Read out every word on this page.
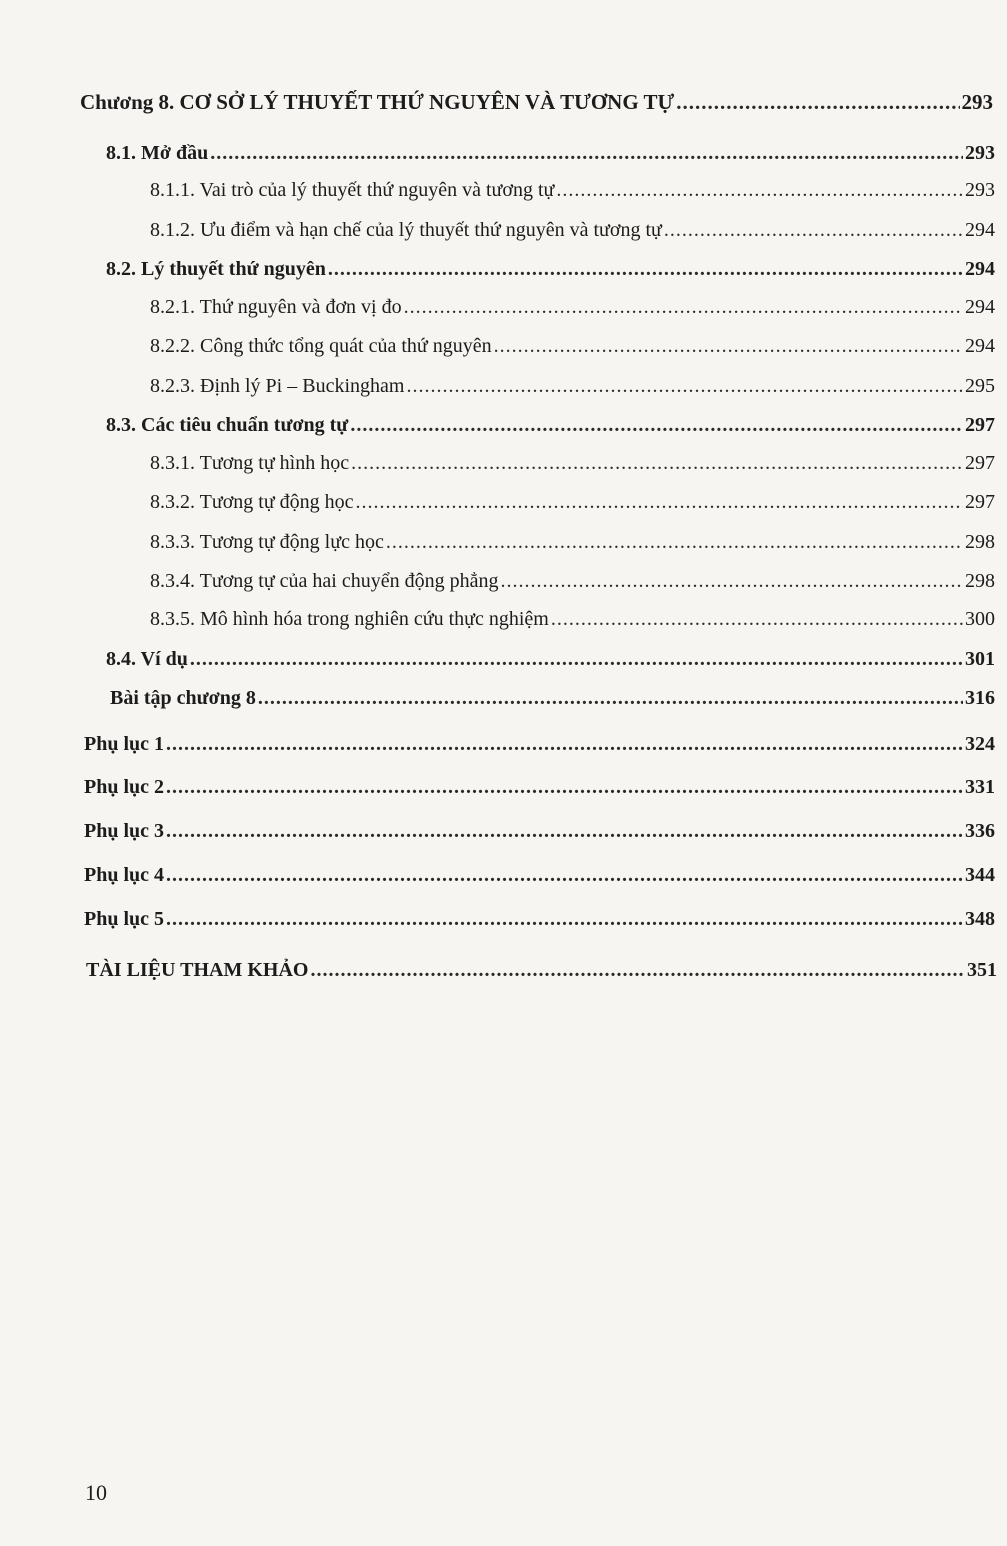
Chương 8. CƠ SỞ LÝ THUYẾT THỨ NGUYÊN VÀ TƯƠNG TỰ .....	293
8.1. Mở đầu .....	293
8.1.1. Vai trò của lý thuyết thứ nguyên và tương tự .....	293
8.1.2. Ưu điểm và hạn chế của lý thuyết thứ nguyên và tương tự .....	294
8.2. Lý thuyết thứ nguyên .....	294
8.2.1. Thứ nguyên và đơn vị đo .....	294
8.2.2. Công thức tổng quát của thứ nguyên .....	294
8.2.3. Định lý Pi – Buckingham .....	295
8.3. Các tiêu chuẩn tương tự .....	297
8.3.1. Tương tự hình học .....	297
8.3.2. Tương tự động học .....	297
8.3.3. Tương tự động lực học .....	298
8.3.4. Tương tự của hai chuyển động phẳng .....	298
8.3.5. Mô hình hóa trong nghiên cứu thực nghiệm .....	300
8.4. Ví dụ .....	301
Bài tập chương 8 .....	316
Phụ lục 1 .....	324
Phụ lục 2 .....	331
Phụ lục 3 .....	336
Phụ lục 4 .....	344
Phụ lục 5 .....	348
TÀI LIỆU THAM KHẢO .....	351
10
